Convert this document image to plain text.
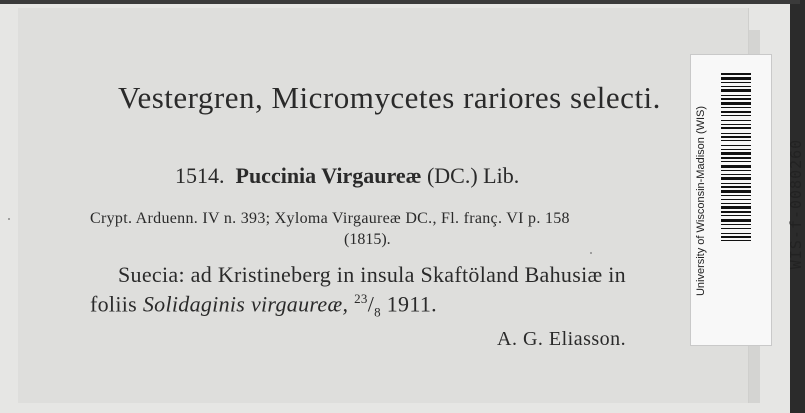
Vestergren, Micromycetes rariores selecti.
1514. Puccinia Virgaureæ (DC.) Lib.
Crypt. Arduenn. IV n. 393; Xyloma Virgaureæ DC., Fl. franç. VI p. 158
(1815).
Suecia: ad Kristineberg in insula Skaftöland Bahusiæ in
foliis Solidaginis virgaureæ, $^{23}/_8$ 1911.
A. G. Eliasson.
University of Wisconsin-Madison (WIS)	WIS-f-0080260
